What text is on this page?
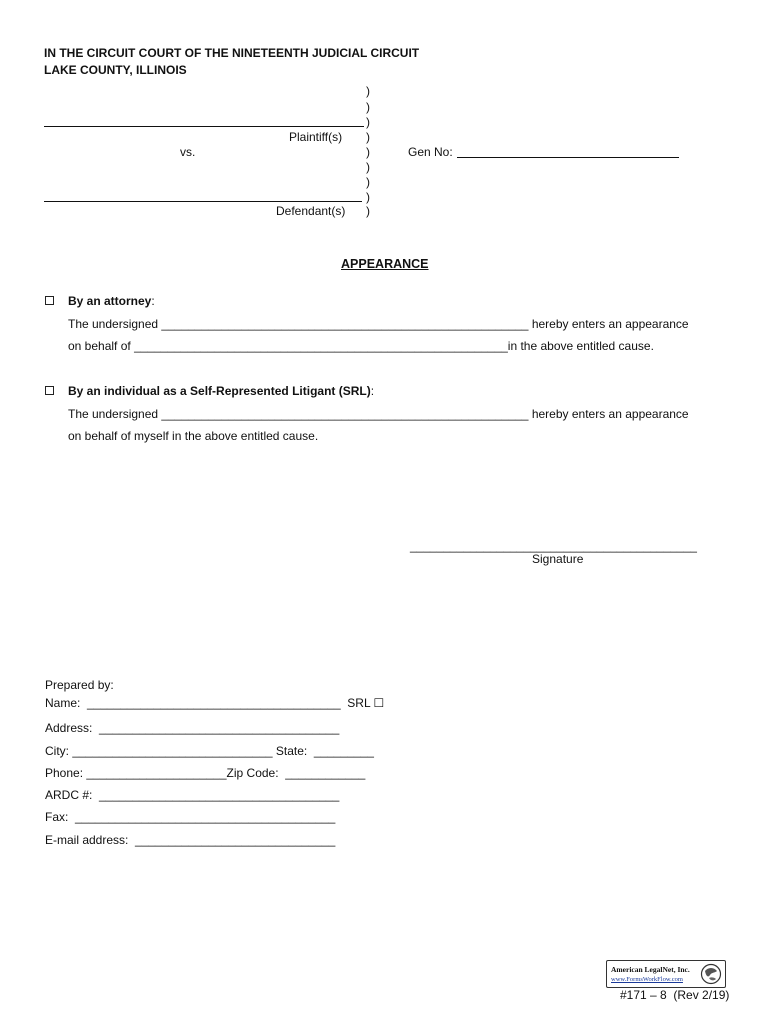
IN THE CIRCUIT COURT OF THE NINETEENTH JUDICIAL CIRCUIT
LAKE COUNTY, ILLINOIS
)
)
)
)
)
)
)
)
)
Plaintiff(s)
vs.	Gen No:
Defendant(s)
APPEARANCE
By an attorney:
The undersigned _______________________________________________________ hereby enters an appearance
on behalf of ________________________________________________________in the above entitled cause.
By an individual as a Self-Represented Litigant (SRL):
The undersigned _______________________________________________________ hereby enters an appearance
on behalf of myself in the above entitled cause.
___________________________________________
Signature
Prepared by:
Name:  ______________________________________  SRL ☐
Address:  ____________________________________
City: ______________________________ State:  _________
Phone: _____________________Zip Code:  ____________
ARDC #:  ____________________________________
Fax:  _______________________________________
E-mail address:  ______________________________
American LegalNet, Inc.
www.FormsWorkFlow.com
#171 – 8  (Rev 2/19)
